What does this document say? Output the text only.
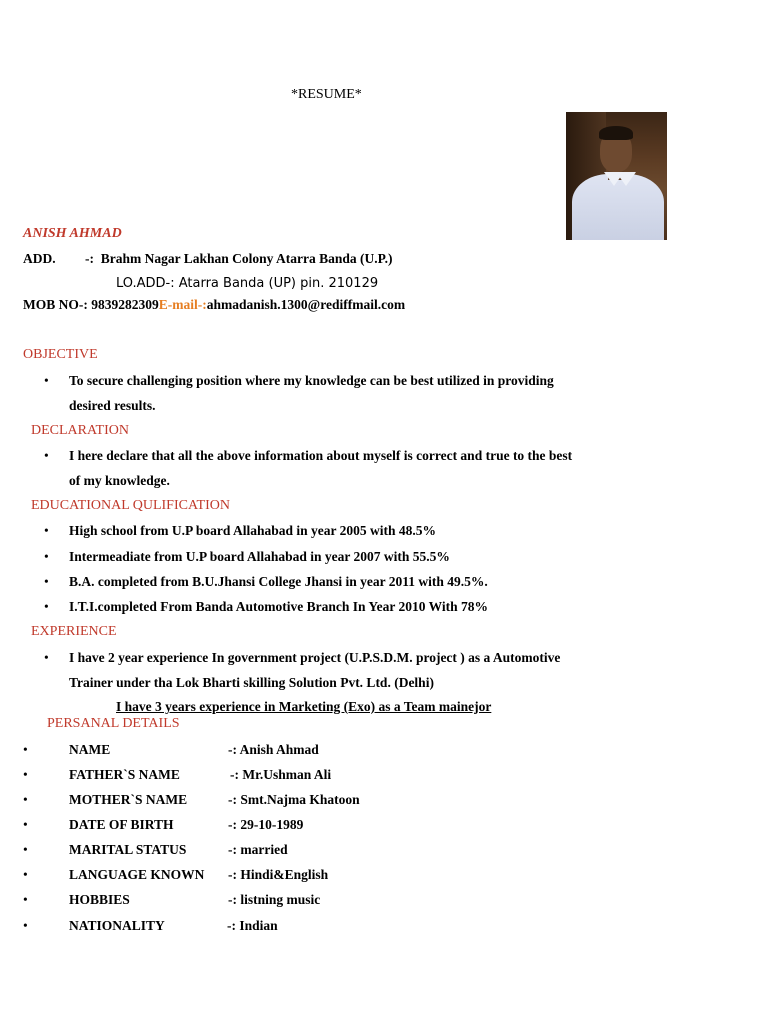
*RESUME*
ANISH AHMAD
ADD. -: Brahm Nagar Lakhan Colony Atarra Banda (U.P.)
LO.ADD-: Atarra Banda (UP) pin. 210129
MOB NO-: 9839282309E-mail-:ahmadanish.1300@rediffmail.com
OBJECTIVE
• To secure challenging position where my knowledge can be best utilized in providing
desired results.
DECLARATION
• I here declare that all the above information about myself is correct and true to the best
of my knowledge.
EDUCATIONAL QULIFICATION
• High school from U.P board Allahabad in year 2005 with 48.5%
• Intermeadiate from U.P board Allahabad in year 2007 with 55.5%
• B.A. completed from B.U.Jhansi College Jhansi in year 2011 with 49.5%.
• I.T.I.completed From Banda Automotive Branch In Year 2010 With 78%
EXPERIENCE
• I have 2 year experience In government project (U.P.S.D.M. project ) as a Automotive
Trainer under tha Lok Bharti skilling Solution Pvt. Ltd. (Delhi)
I have 3 years experience in Marketing (Exo) as a Team mainejor
PERSANAL DETAILS
•	NAME	-: Anish Ahmad
•	FATHER`S NAME	-: Mr.Ushman Ali
•	MOTHER`S NAME	-: Smt.Najma Khatoon
•	DATE OF BIRTH	-: 29-10-1989
•	MARITAL STATUS	-: married
•	LANGUAGE KNOWN -: Hindi&English
•	HOBBIES	-: listning music
•	NATIONALITY	-: Indian
